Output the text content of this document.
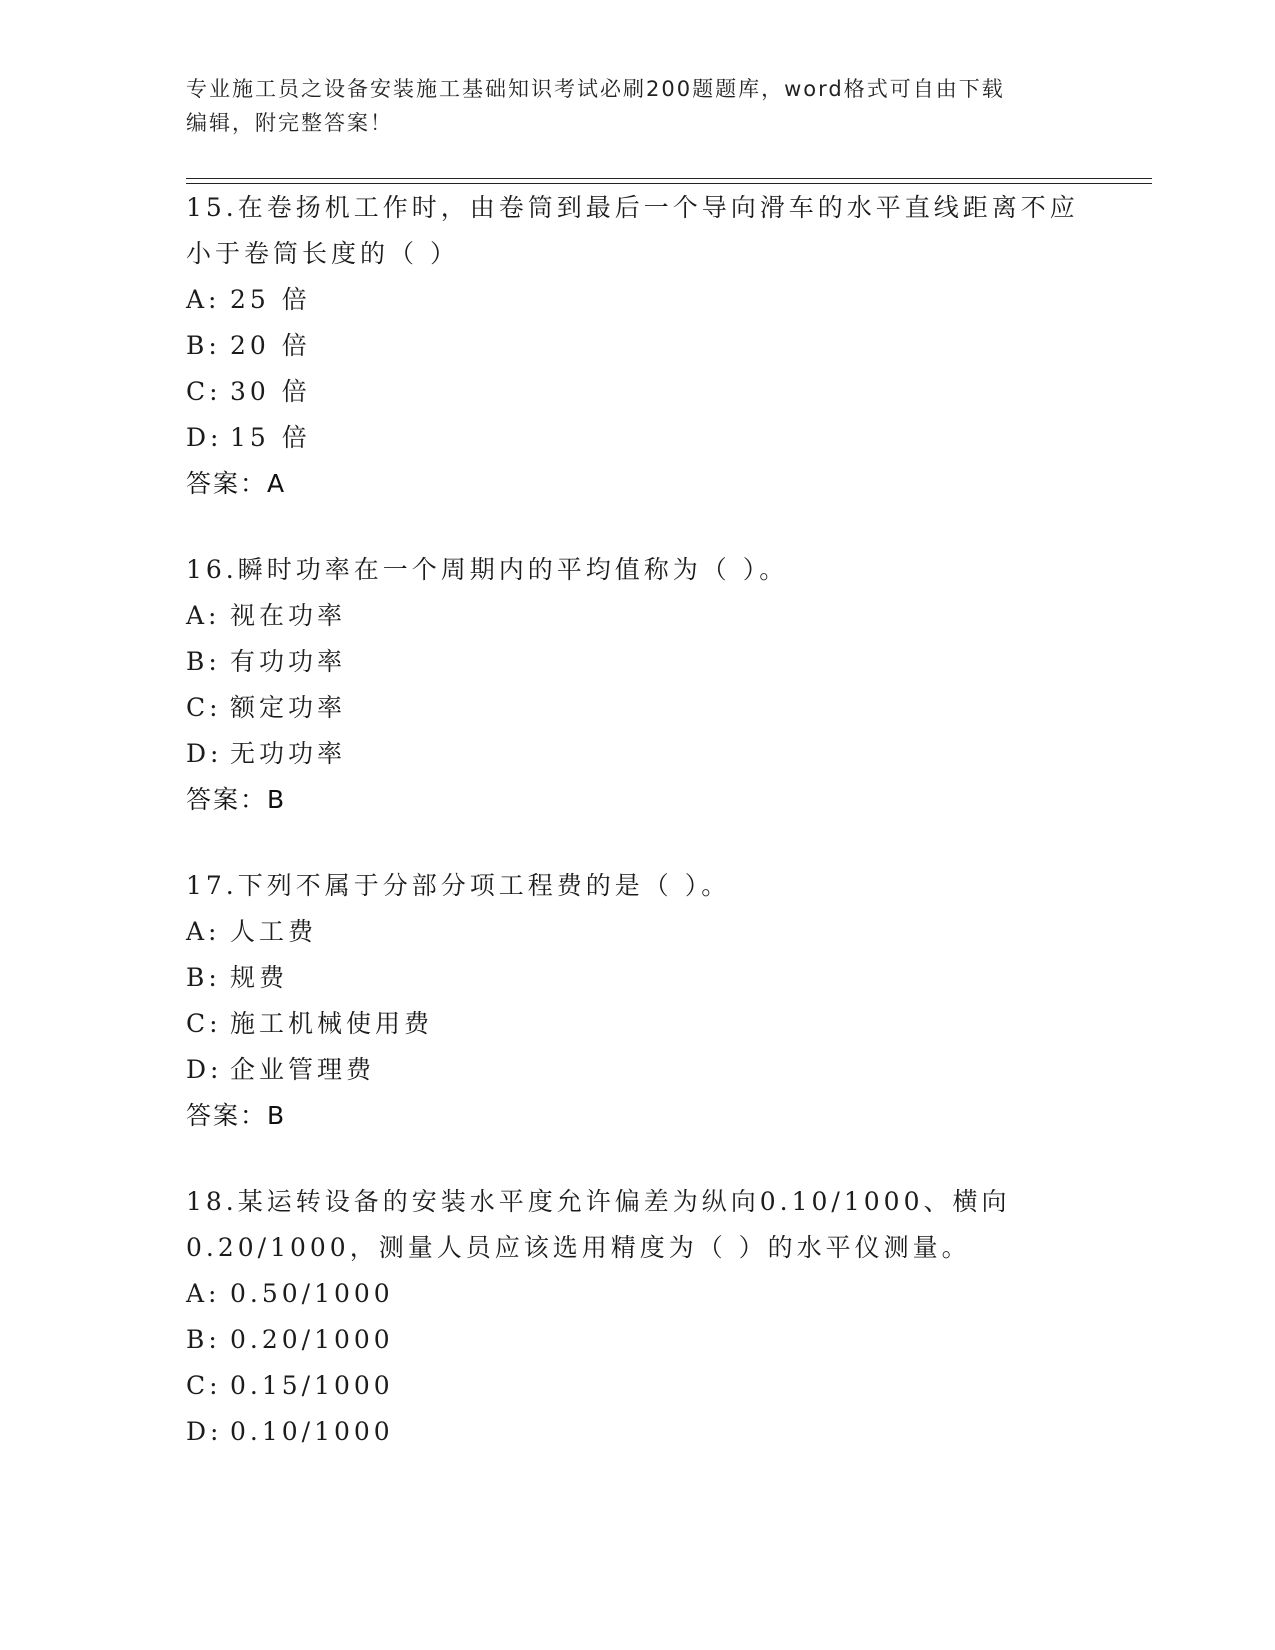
专业施工员之设备安装施工基础知识考试必刷200题题库，word格式可自由下载
编辑，附完整答案！
15.在卷扬机工作时，由卷筒到最后一个导向滑车的水平直线距离不应
小于卷筒长度的（ ）
A: 25 倍
B: 20 倍
C: 30 倍
D: 15 倍
答案：A
16.瞬时功率在一个周期内的平均值称为（ ）。
A: 视在功率
B: 有功功率
C: 额定功率
D: 无功功率
答案：B
17.下列不属于分部分项工程费的是（ ）。
A: 人工费
B: 规费
C: 施工机械使用费
D: 企业管理费
答案：B
18.某运转设备的安装水平度允许偏差为纵向0.10/1000、横向
0.20/1000，测量人员应该选用精度为（ ）的水平仪测量。
A: 0.50/1000
B: 0.20/1000
C: 0.15/1000
D: 0.10/1000
